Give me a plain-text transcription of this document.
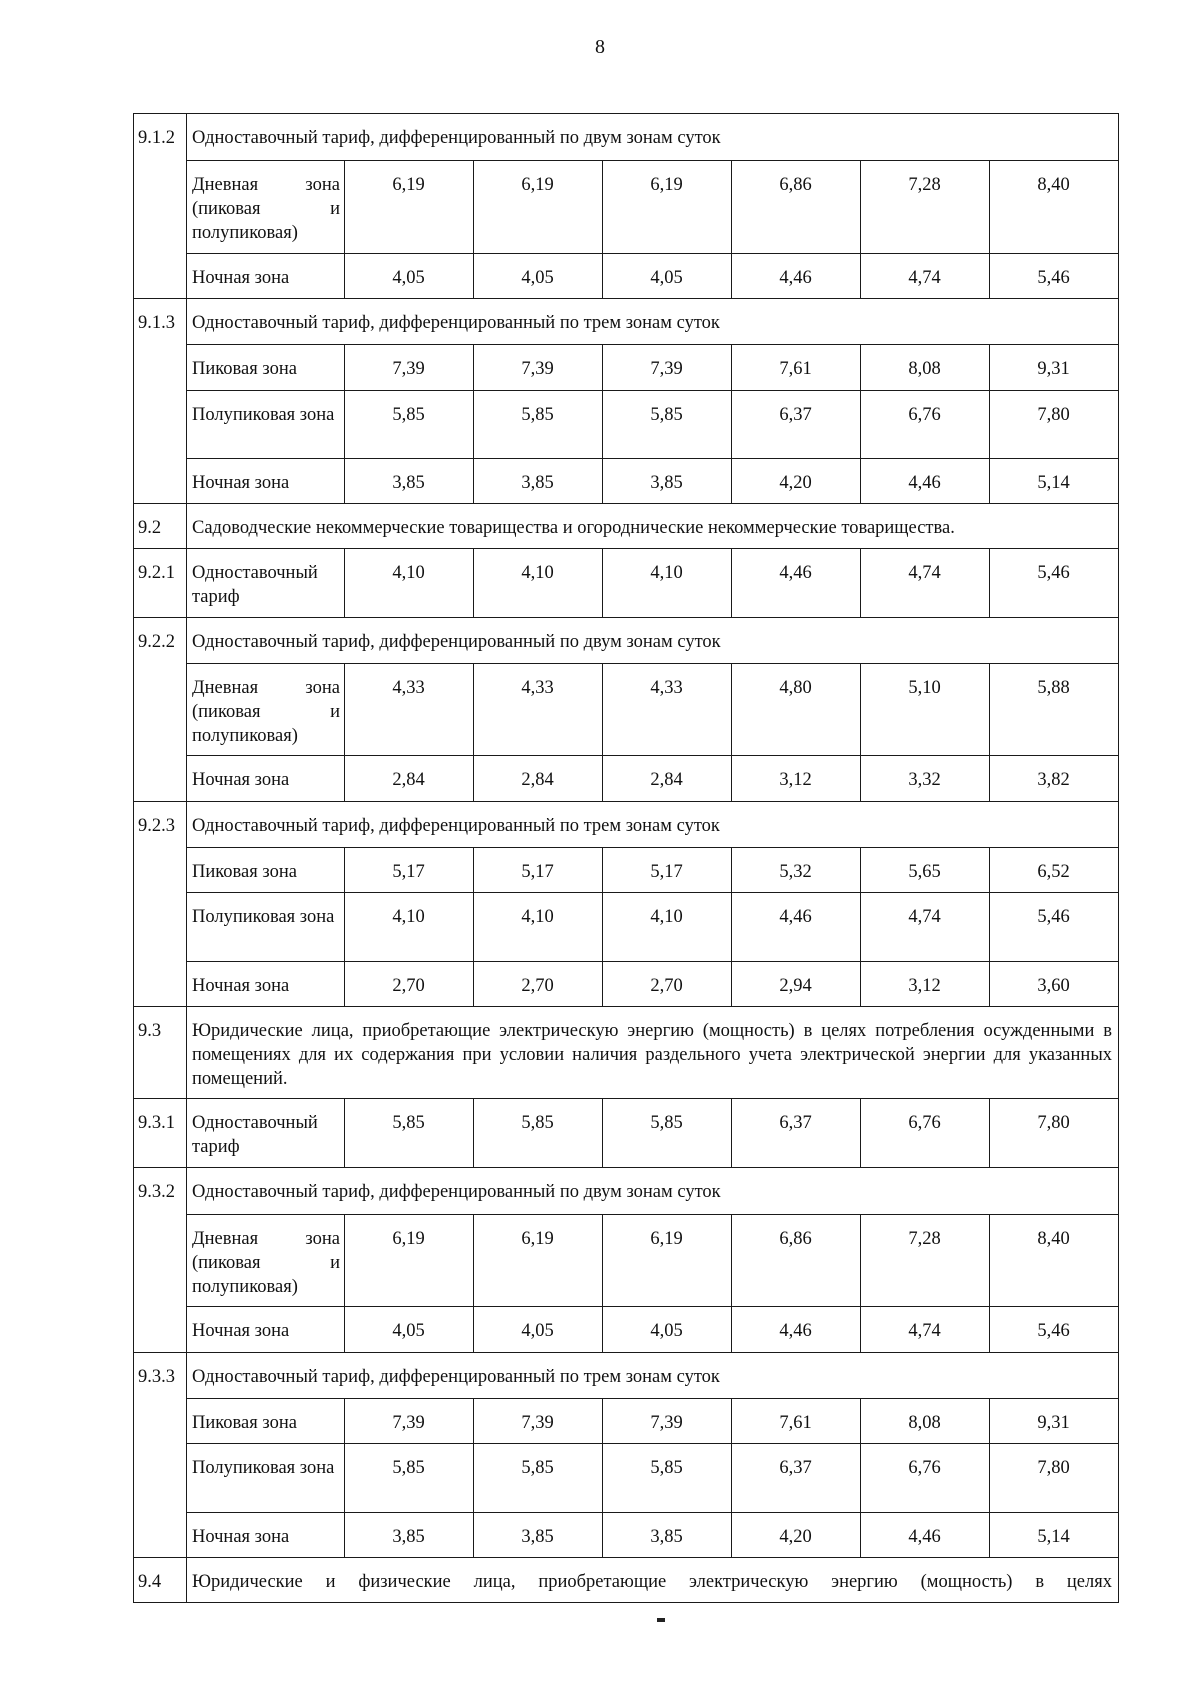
8
9.1.2	Одноставочный тариф, дифференцированный по двум зонам суток						
	Дневная зона (пиковая и полупиковая)	6,19	6,19	6,19	6,86	7,28	8,40
	Ночная зона	4,05	4,05	4,05	4,46	4,74	5,46
9.1.3	Одноставочный тариф, дифференцированный по трем зонам суток						
	Пиковая зона	7,39	7,39	7,39	7,61	8,08	9,31
	Полупиковая зона	5,85	5,85	5,85	6,37	6,76	7,80
	Ночная зона	3,85	3,85	3,85	4,20	4,46	5,14
9.2	Садоводческие некоммерческие товарищества и огороднические некоммерческие товарищества.						
9.2.1	Одноставочный тариф	4,10	4,10	4,10	4,46	4,74	5,46
9.2.2	Одноставочный тариф, дифференцированный по двум зонам суток						
	Дневная зона (пиковая и полупиковая)	4,33	4,33	4,33	4,80	5,10	5,88
	Ночная зона	2,84	2,84	2,84	3,12	3,32	3,82
9.2.3	Одноставочный тариф, дифференцированный по трем зонам суток						
	Пиковая зона	5,17	5,17	5,17	5,32	5,65	6,52
	Полупиковая зона	4,10	4,10	4,10	4,46	4,74	5,46
	Ночная зона	2,70	2,70	2,70	2,94	3,12	3,60
9.3	Юридические лица, приобретающие электрическую энергию (мощность) в целях потребления осужденными в помещениях для их содержания при условии наличия раздельного учета электрической энергии для указанных помещений.						
9.3.1	Одноставочный тариф	5,85	5,85	5,85	6,37	6,76	7,80
9.3.2	Одноставочный тариф, дифференцированный по двум зонам суток						
	Дневная зона (пиковая и полупиковая)	6,19	6,19	6,19	6,86	7,28	8,40
	Ночная зона	4,05	4,05	4,05	4,46	4,74	5,46
9.3.3	Одноставочный тариф, дифференцированный по трем зонам суток						
	Пиковая зона	7,39	7,39	7,39	7,61	8,08	9,31
	Полупиковая зона	5,85	5,85	5,85	6,37	6,76	7,80
	Ночная зона	3,85	3,85	3,85	4,20	4,46	5,14
9.4	Юридические и физические лица, приобретающие электрическую энергию (мощность) в целях						
